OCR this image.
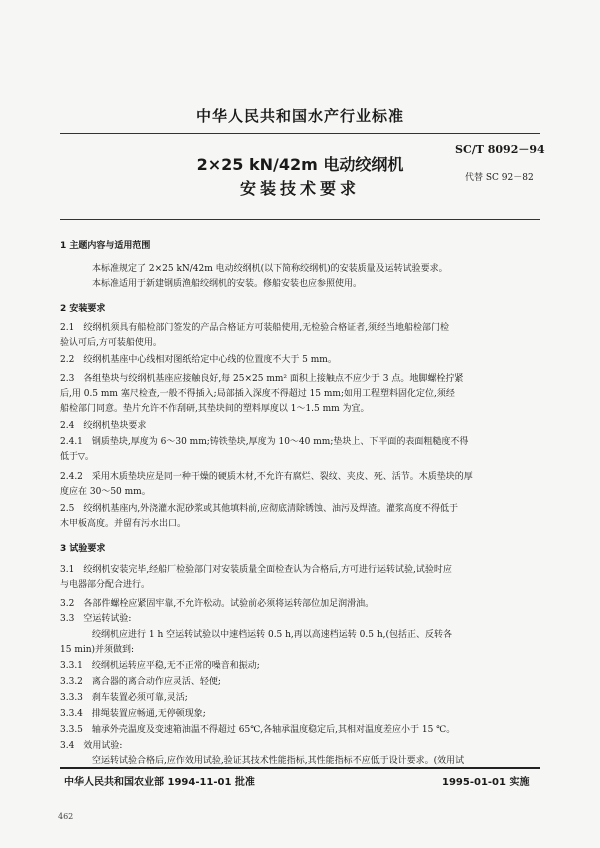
中华人民共和国水产行业标准
SC/T 8092－94
2×25 kN/42m 电动绞纲机
安装技术要求
代替 SC 92－82
1 主题内容与适用范围
本标准规定了 2×25 kN/42m 电动绞纲机(以下简称绞纲机)的安装质量及运转试验要求。
本标准适用于新建钢质渔船绞纲机的安装。修船安装也应参照使用。
2 安装要求
2.1　绞纲机须具有船检部门签发的产品合格证方可装船使用,无检验合格证者,须经当地船检部门检
验认可后,方可装船使用。
2.2　绞纲机基座中心线相对图纸给定中心线的位置度不大于 5 mm。
2.3　各组垫块与绞纲机基座应接触良好,每 25×25 mm² 面积上接触点不应少于 3 点。地脚螺栓拧紧
后,用 0.5 mm 塞尺检查,一般不得插入;局部插入深度不得超过 15 mm;如用工程塑料固化定位,须经
船检部门同意。垫片允许不作刮研,其垫块间的塑料厚度以 1～1.5 mm 为宜。
2.4　绞纲机垫块要求
2.4.1　钢质垫块,厚度为 6～30 mm;铸铁垫块,厚度为 10～40 mm;垫块上、下平面的表面粗糙度不得
低于▽。
2.4.2　采用木质垫块应是同一种干燥的硬质木材,不允许有腐烂、裂纹、夹皮、死、活节。木质垫块的厚
度应在 30～50 mm。
2.5　绞纲机基座内,外浇灌水泥砂浆或其他填料前,应彻底清除锈蚀、油污及焊渣。灌浆高度不得低于
木甲板高度。并留有污水出口。
3 试验要求
3.1　绞纲机安装完毕,经船厂检验部门对安装质量全面检查认为合格后,方可进行运转试验,试验时应
与电器部分配合进行。
3.2　各部件螺栓应紧固牢靠,不允许松动。试验前必须将运转部位加足润滑油。
3.3　空运转试验:
绞纲机应进行 1 h 空运转试验以中速档运转 0.5 h,再以高速档运转 0.5 h,(包括正、反转各
15 min)并须做到:
3.3.1　绞纲机运转应平稳,无不正常的噪音和振动;
3.3.2　离合器的离合动作应灵活、轻便;
3.3.3　刹车装置必须可靠,灵活;
3.3.4　排绳装置应畅通,无停顿现象;
3.3.5　轴承外壳温度及变速箱油温不得超过 65℃,各轴承温度稳定后,其相对温度差应小于 15 ℃。
3.4　效用试验:
空运转试验合格后,应作效用试验,验证其技术性能指标,其性能指标不应低于设计要求。(效用试
中华人民共和国农业部 1994-11-01 批准	1995-01-01 实施
462
